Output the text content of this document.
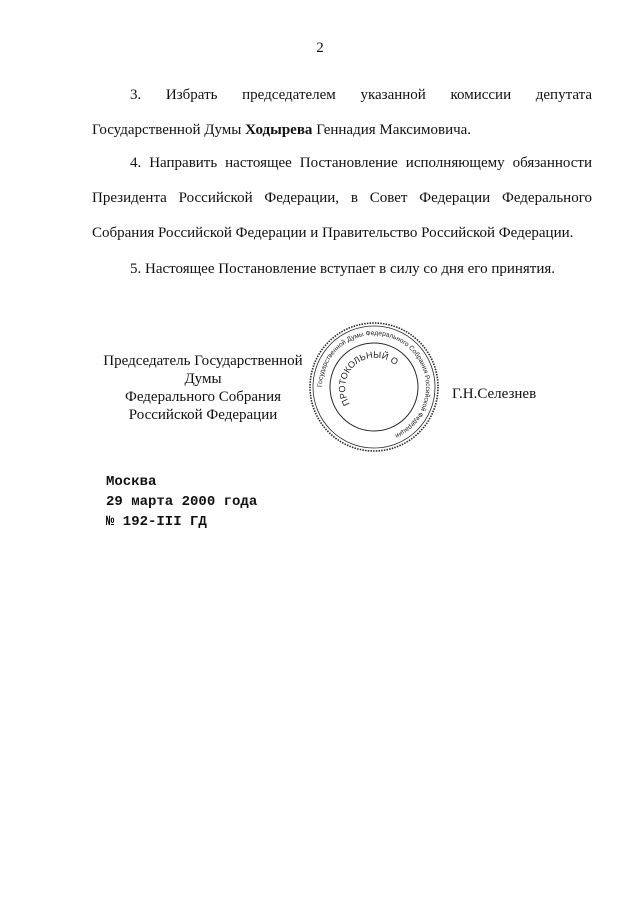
2
3. Избрать председателем указанной комиссии депутата Государственной Думы Ходырева Геннадия Максимовича.
4. Направить настоящее Постановление исполняющему обязанности Президента Российской Федерации, в Совет Федерации Федерального Собрания Российской Федерации и Правительство Российской Федерации.
5. Настоящее Постановление вступает в силу со дня его принятия.
Председатель Государственной Думы
Федерального Собрания
Российской Федерации
Государственной Думы Федерального Собрания Российской Федерации
ПРОТОКОЛЬНЫЙ ОТДЕЛ
Г.Н.Селезнев
Москва
29 марта 2000 года
№ 192-III ГД
